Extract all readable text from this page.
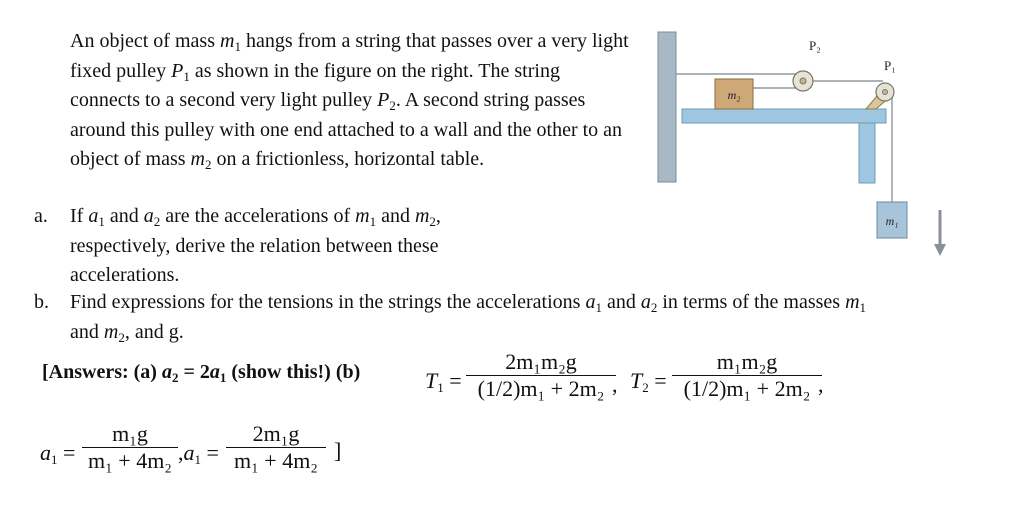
An object of mass $m_1$ hangs from a string that passes over a very light fixed pulley $P_1$ as shown in the figure on the right. The string connects to a second very light pulley $P_2$. A second string passes around this pulley with one end attached to a wall and the other to an object of mass $m_2$ on a frictionless, horizontal table.
a. If $a_1$ and $a_2$ are the accelerations of $m_1$ and $m_2$, respectively, derive the relation between these accelerations.
b. Find expressions for the tensions in the strings the accelerations $a_1$ and $a_2$ in terms of the masses $m_1$
and $m_2$, and g.
[Answers: (a) $a_2 = 2a_1$ (show this!) (b)	$T_1$ =
2m₁m₂g
(1/2)m₁ + 2m₂ , $T_2$ =
m₁m₂g
(1/2)m₁ + 2m₂ ,
$a_1$ =
m₁g
m₁ + 4m₂ $,a_1$ =
2m₁g
m₁ + 4m₂ ]
m₂
P₂
P₁
m₁
